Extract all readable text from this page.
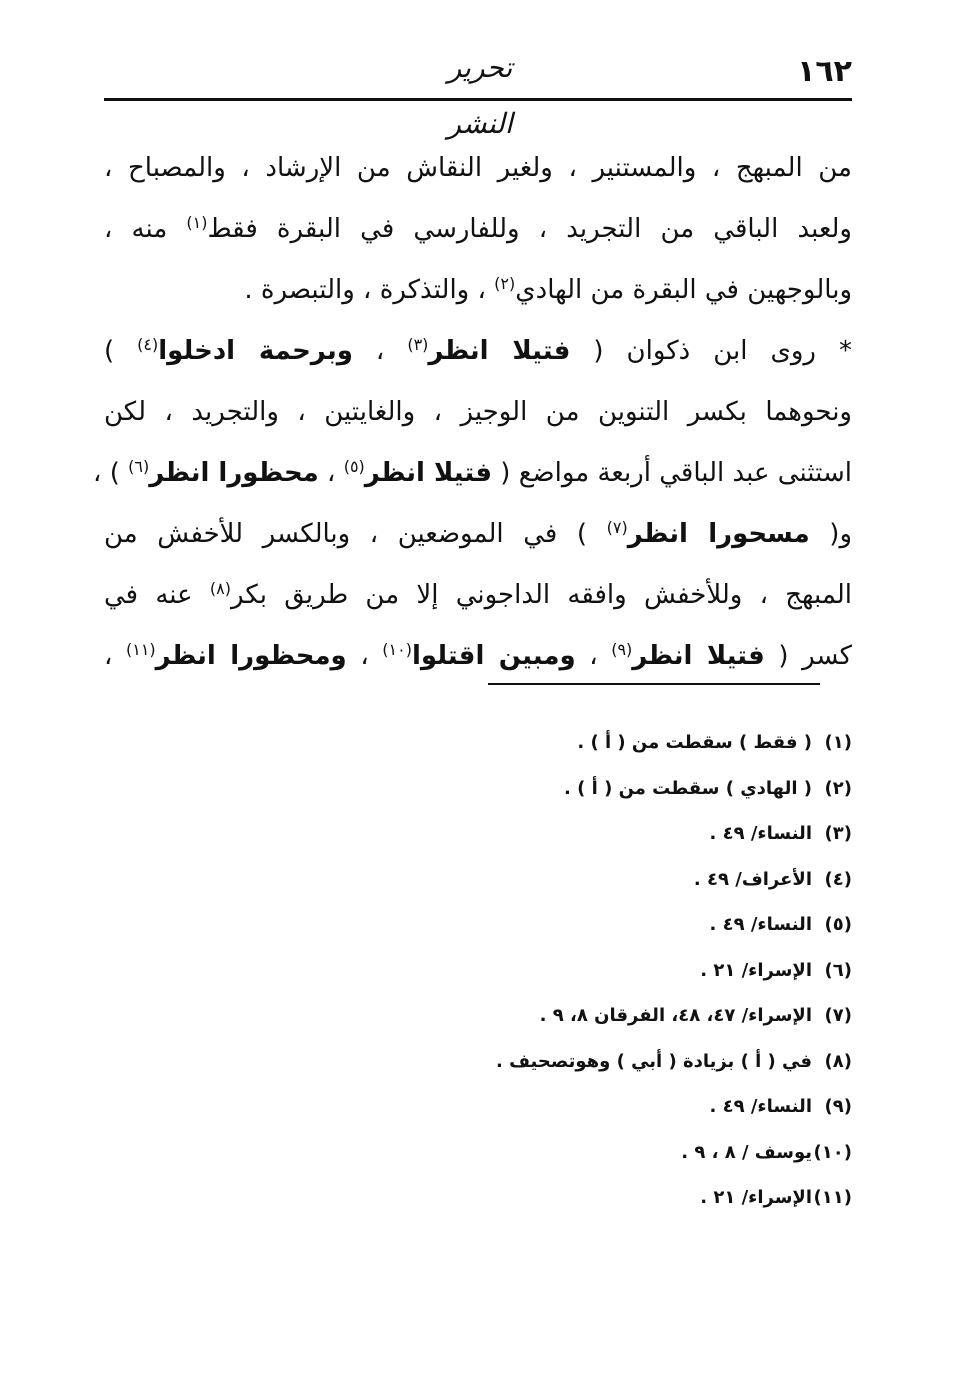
١٦٢
تحرير النشر
من المبهج ، والمستنير ، ولغير النقاش من الإرشاد ، والمصباح ،
ولعبد الباقي من التجريد ، وللفارسي في البقرة فقط$^{(١)}$ منه ،
وبالوجهين في البقرة من الهادي$^{(٢)}$ ، والتذكرة ، والتبصرة .
* روى ابن ذكوان ( فتيلا انظر$^{(٣)}$ ، وبرحمة ادخلوا$^{(٤)}$ )
ونحوهما بكسر التنوين من الوجيز ، والغايتين ، والتجريد ، لكن
استثنى عبد الباقي أربعة مواضع ( فتيلا انظر$^{(٥)}$ ، محظورا انظر$^{(٦)}$ ) ،
و( مسحورا انظر$^{(٧)}$ ) في الموضعين ، وبالكسر للأخفش من
المبهج ، وللأخفش وافقه الداجوني إلا من طريق بكر$^{(٨)}$ عنه في
كسر ( فتيلا انظر$^{(٩)}$ ، ومبين اقتلوا$^{(١٠)}$ ، ومحظورا انظر$^{(١١)}$ ،
(١)( فقط ) سقطت من ( أ ) .
(٢)( الهادي ) سقطت من ( أ ) .
(٣)النساء/ ٤٩ .
(٤)الأعراف/ ٤٩ .
(٥)النساء/ ٤٩ .
(٦)الإسراء/ ٢١ .
(٧)الإسراء/ ٤٧، ٤٨، الفرقان ٨، ٩ .
(٨)في ( أ ) بزيادة ( أبي ) وهوتصحيف .
(٩)النساء/ ٤٩ .
(١٠)يوسف / ٨ ، ٩ .
(١١)الإسراء/ ٢١ .
